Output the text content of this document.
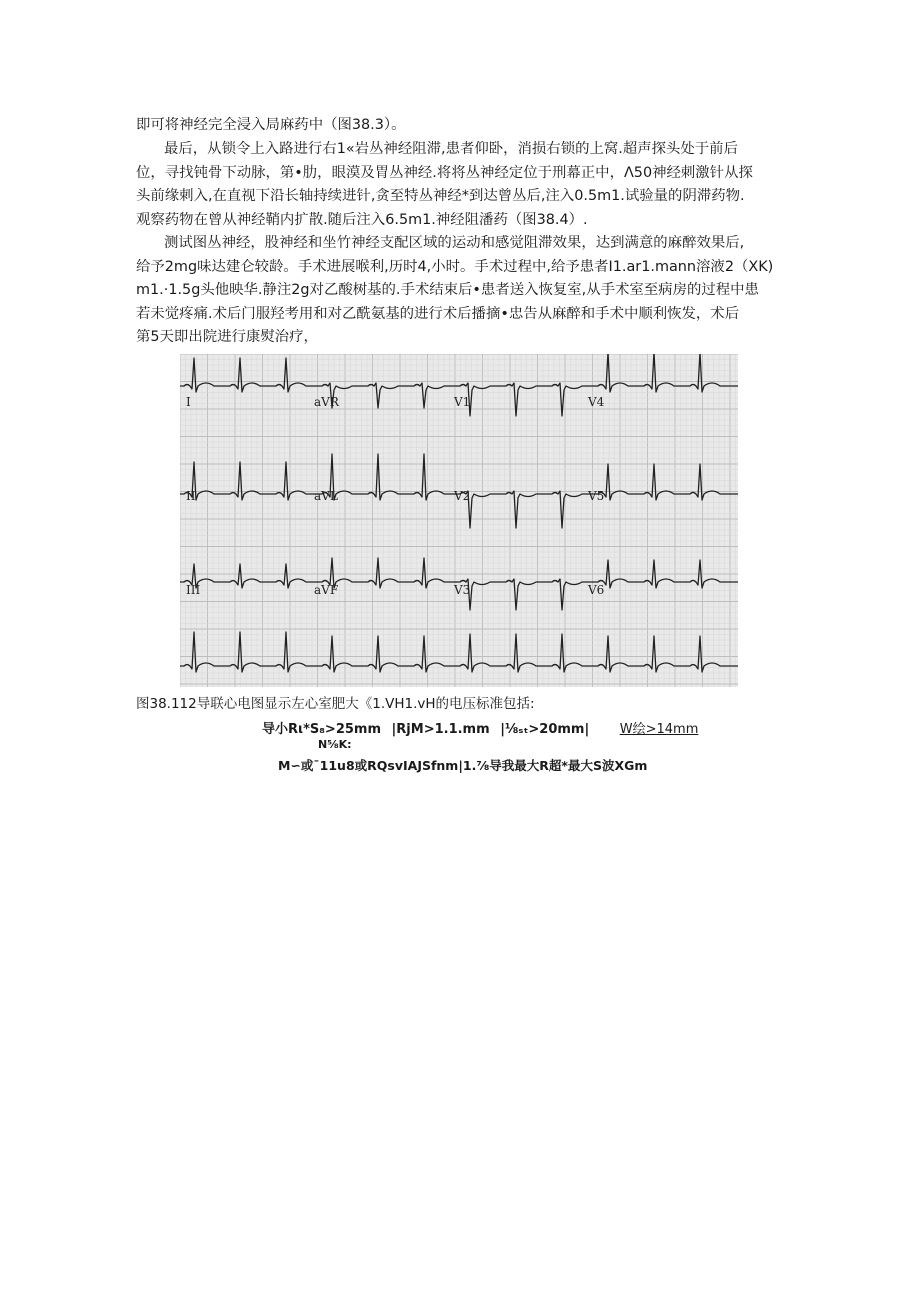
即可将神经完全浸入局麻药中（图38.3）。
最后，从锁令上入路进行右1«岩丛神经阻滞,患者仰卧，消损右锁的上窝.超声探头处于前后
位，寻找钝骨下动脉，第•肋，眼漠及胃丛神经.将将丛神经定位于刑幕正中，Λ50神经刺激针从探
头前缘刺入,在直视下沿长轴持续进针,贪至特丛神经*到达曾丛后,注入0.5m1.试验量的阴滞药物.
观察药物在曾从神经鞘内扩散.随后注入6.5m1.神经阻潘药（图38.4）.
测试图丛神经，股神经和坐竹神经支配区域的运动和感觉阻滞效果，达到满意的麻醉效果后,
给予2mg味达建仑较龄。手术进展喉利,历时4,小时。手术过程中,给予患者I1.ar1.mann溶液2（XK)
m1.·1.5g头他映华.静注2g对乙酸树基的.手术结束后•患者送入恢复室,从手术室至病房的过程中患
若未觉疼痛.术后门服羟考用和对乙酰氨基的进行术后播摘•忠告从麻醉和手术中顺利恢发，术后
第5天即出院进行康熨治疗，
I	aVR	V1	V4
II	aVL	V2	V5
III	aVF	V3	V6

图38.112导联心电图显示左心室肥大《1.VH1.vH的电压标准包括:

导小Rι*S₈>25mm |RjM>1.1.mm |⅛ₛₜ>20mm| W绘>14mm
N⅝K:
M∽或¯11u8或RQsvIAJSfnm|1.⅞导我最大R超*最大S波XGm
